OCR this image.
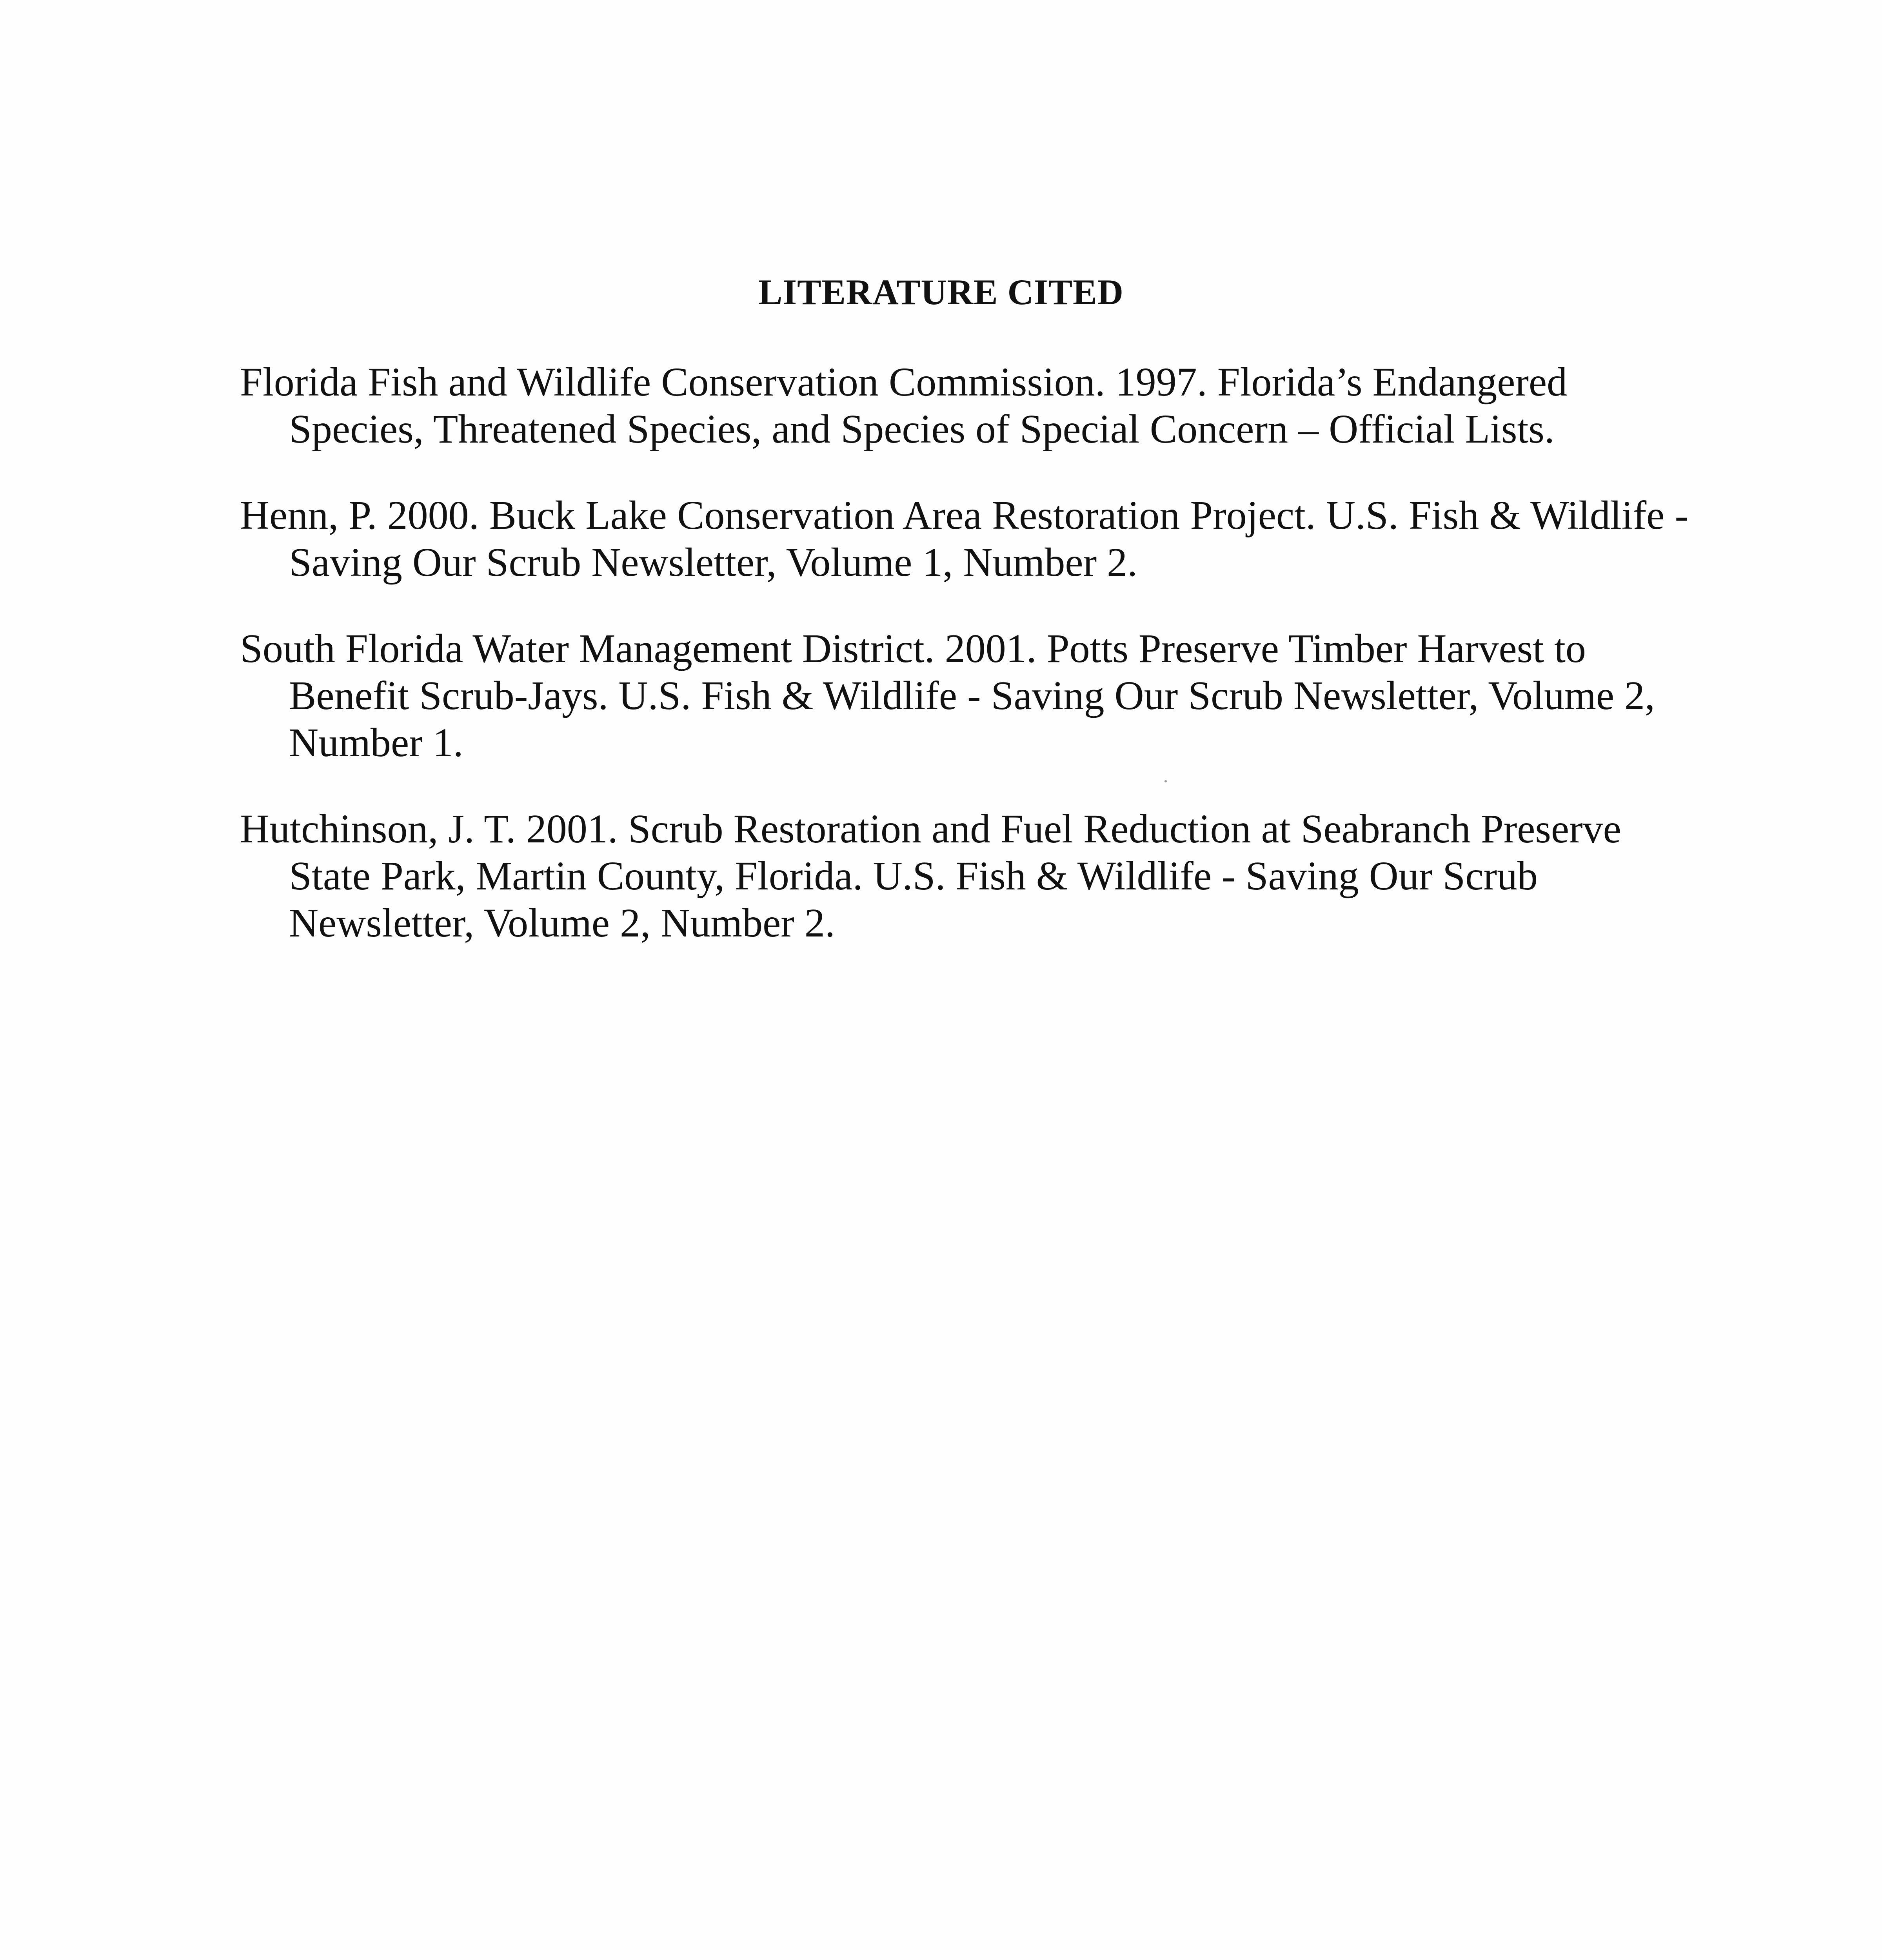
LITERATURE CITED

Florida Fish and Wildlife Conservation Commission. 1997. Florida’s Endangered Species, Threatened Species, and Species of Special Concern – Official Lists.

Henn, P. 2000. Buck Lake Conservation Area Restoration Project. U.S. Fish & Wildlife - Saving Our Scrub Newsletter, Volume 1, Number 2.

South Florida Water Management District. 2001. Potts Preserve Timber Harvest to Benefit Scrub-Jays. U.S. Fish & Wildlife - Saving Our Scrub Newsletter, Volume 2, Number 1.

Hutchinson, J. T. 2001. Scrub Restoration and Fuel Reduction at Seabranch Preserve State Park, Martin County, Florida. U.S. Fish & Wildlife - Saving Our Scrub Newsletter, Volume 2, Number 2.
